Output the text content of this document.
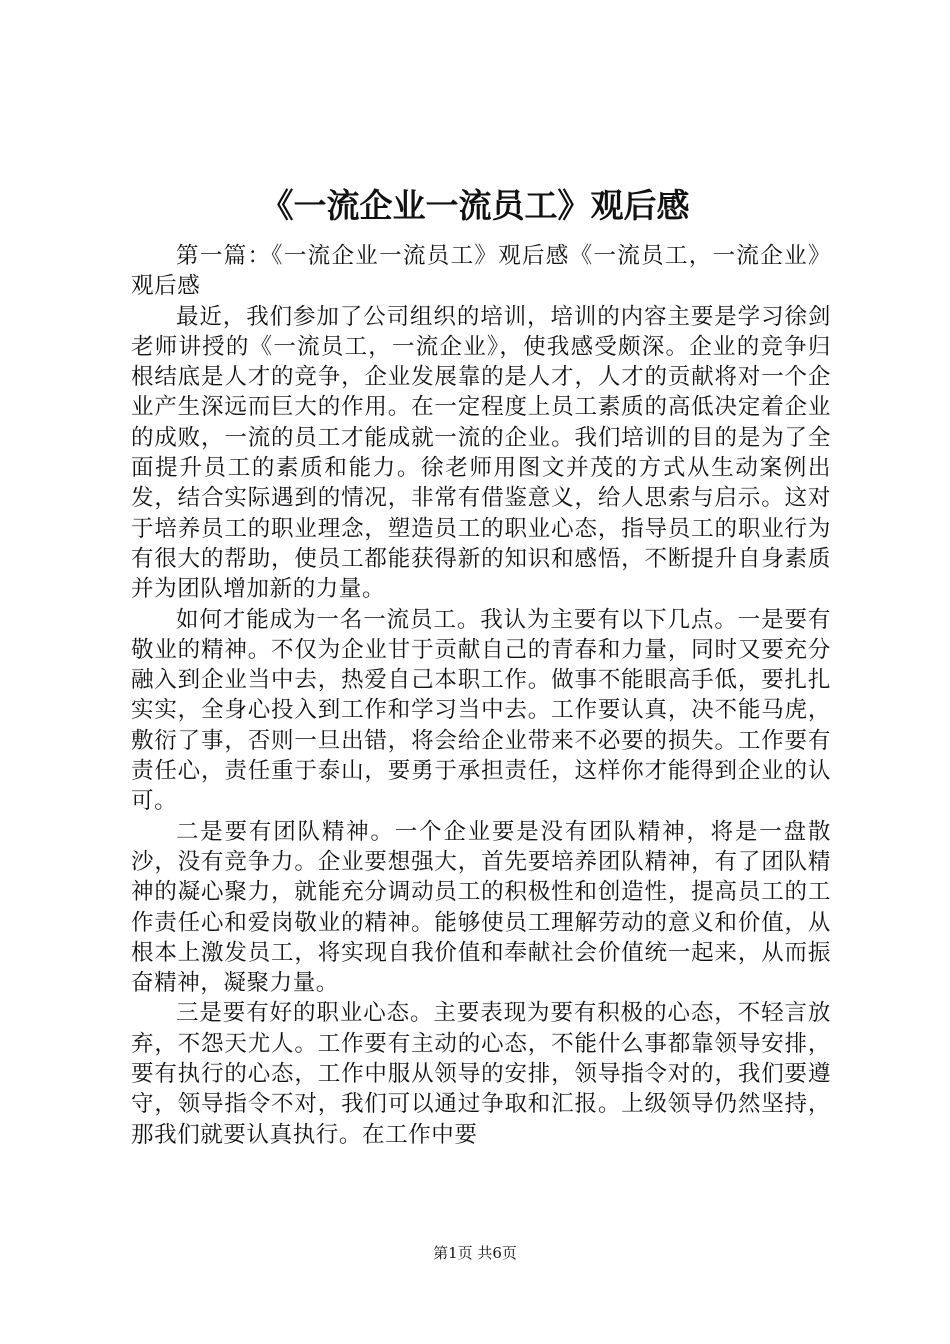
《一流企业一流员工》观后感

第一篇：《一流企业一流员工》观后感《一流员工，一流企业》观后感

最近，我们参加了公司组织的培训，培训的内容主要是学习徐剑老师讲授的《一流员工，一流企业》，使我感受颇深。企业的竞争归根结底是人才的竞争，企业发展靠的是人才，人才的贡献将对一个企业产生深远而巨大的作用。在一定程度上员工素质的高低决定着企业的成败，一流的员工才能成就一流的企业。我们培训的目的是为了全面提升员工的素质和能力。徐老师用图文并茂的方式从生动案例出发，结合实际遇到的情况，非常有借鉴意义，给人思索与启示。这对于培养员工的职业理念，塑造员工的职业心态，指导员工的职业行为有很大的帮助，使员工都能获得新的知识和感悟，不断提升自身素质并为团队增加新的力量。

如何才能成为一名一流员工。我认为主要有以下几点。一是要有敬业的精神。不仅为企业甘于贡献自己的青春和力量，同时又要充分融入到企业当中去，热爱自己本职工作。做事不能眼高手低，要扎扎实实，全身心投入到工作和学习当中去。工作要认真，决不能马虎，敷衍了事，否则一旦出错，将会给企业带来不必要的损失。工作要有责任心，责任重于泰山，要勇于承担责任，这样你才能得到企业的认可。

二是要有团队精神。一个企业要是没有团队精神，将是一盘散沙，没有竞争力。企业要想强大，首先要培养团队精神，有了团队精神的凝心聚力，就能充分调动员工的积极性和创造性，提高员工的工作责任心和爱岗敬业的精神。能够使员工理解劳动的意义和价值，从根本上激发员工，将实现自我价值和奉献社会价值统一起来，从而振奋精神，凝聚力量。

三是要有好的职业心态。主要表现为要有积极的心态，不轻言放弃，不怨天尤人。工作要有主动的心态，不能什么事都靠领导安排，要有执行的心态，工作中服从领导的安排，领导指令对的，我们要遵守，领导指令不对，我们可以通过争取和汇报。上级领导仍然坚持，那我们就要认真执行。在工作中要

第1页 共6页
